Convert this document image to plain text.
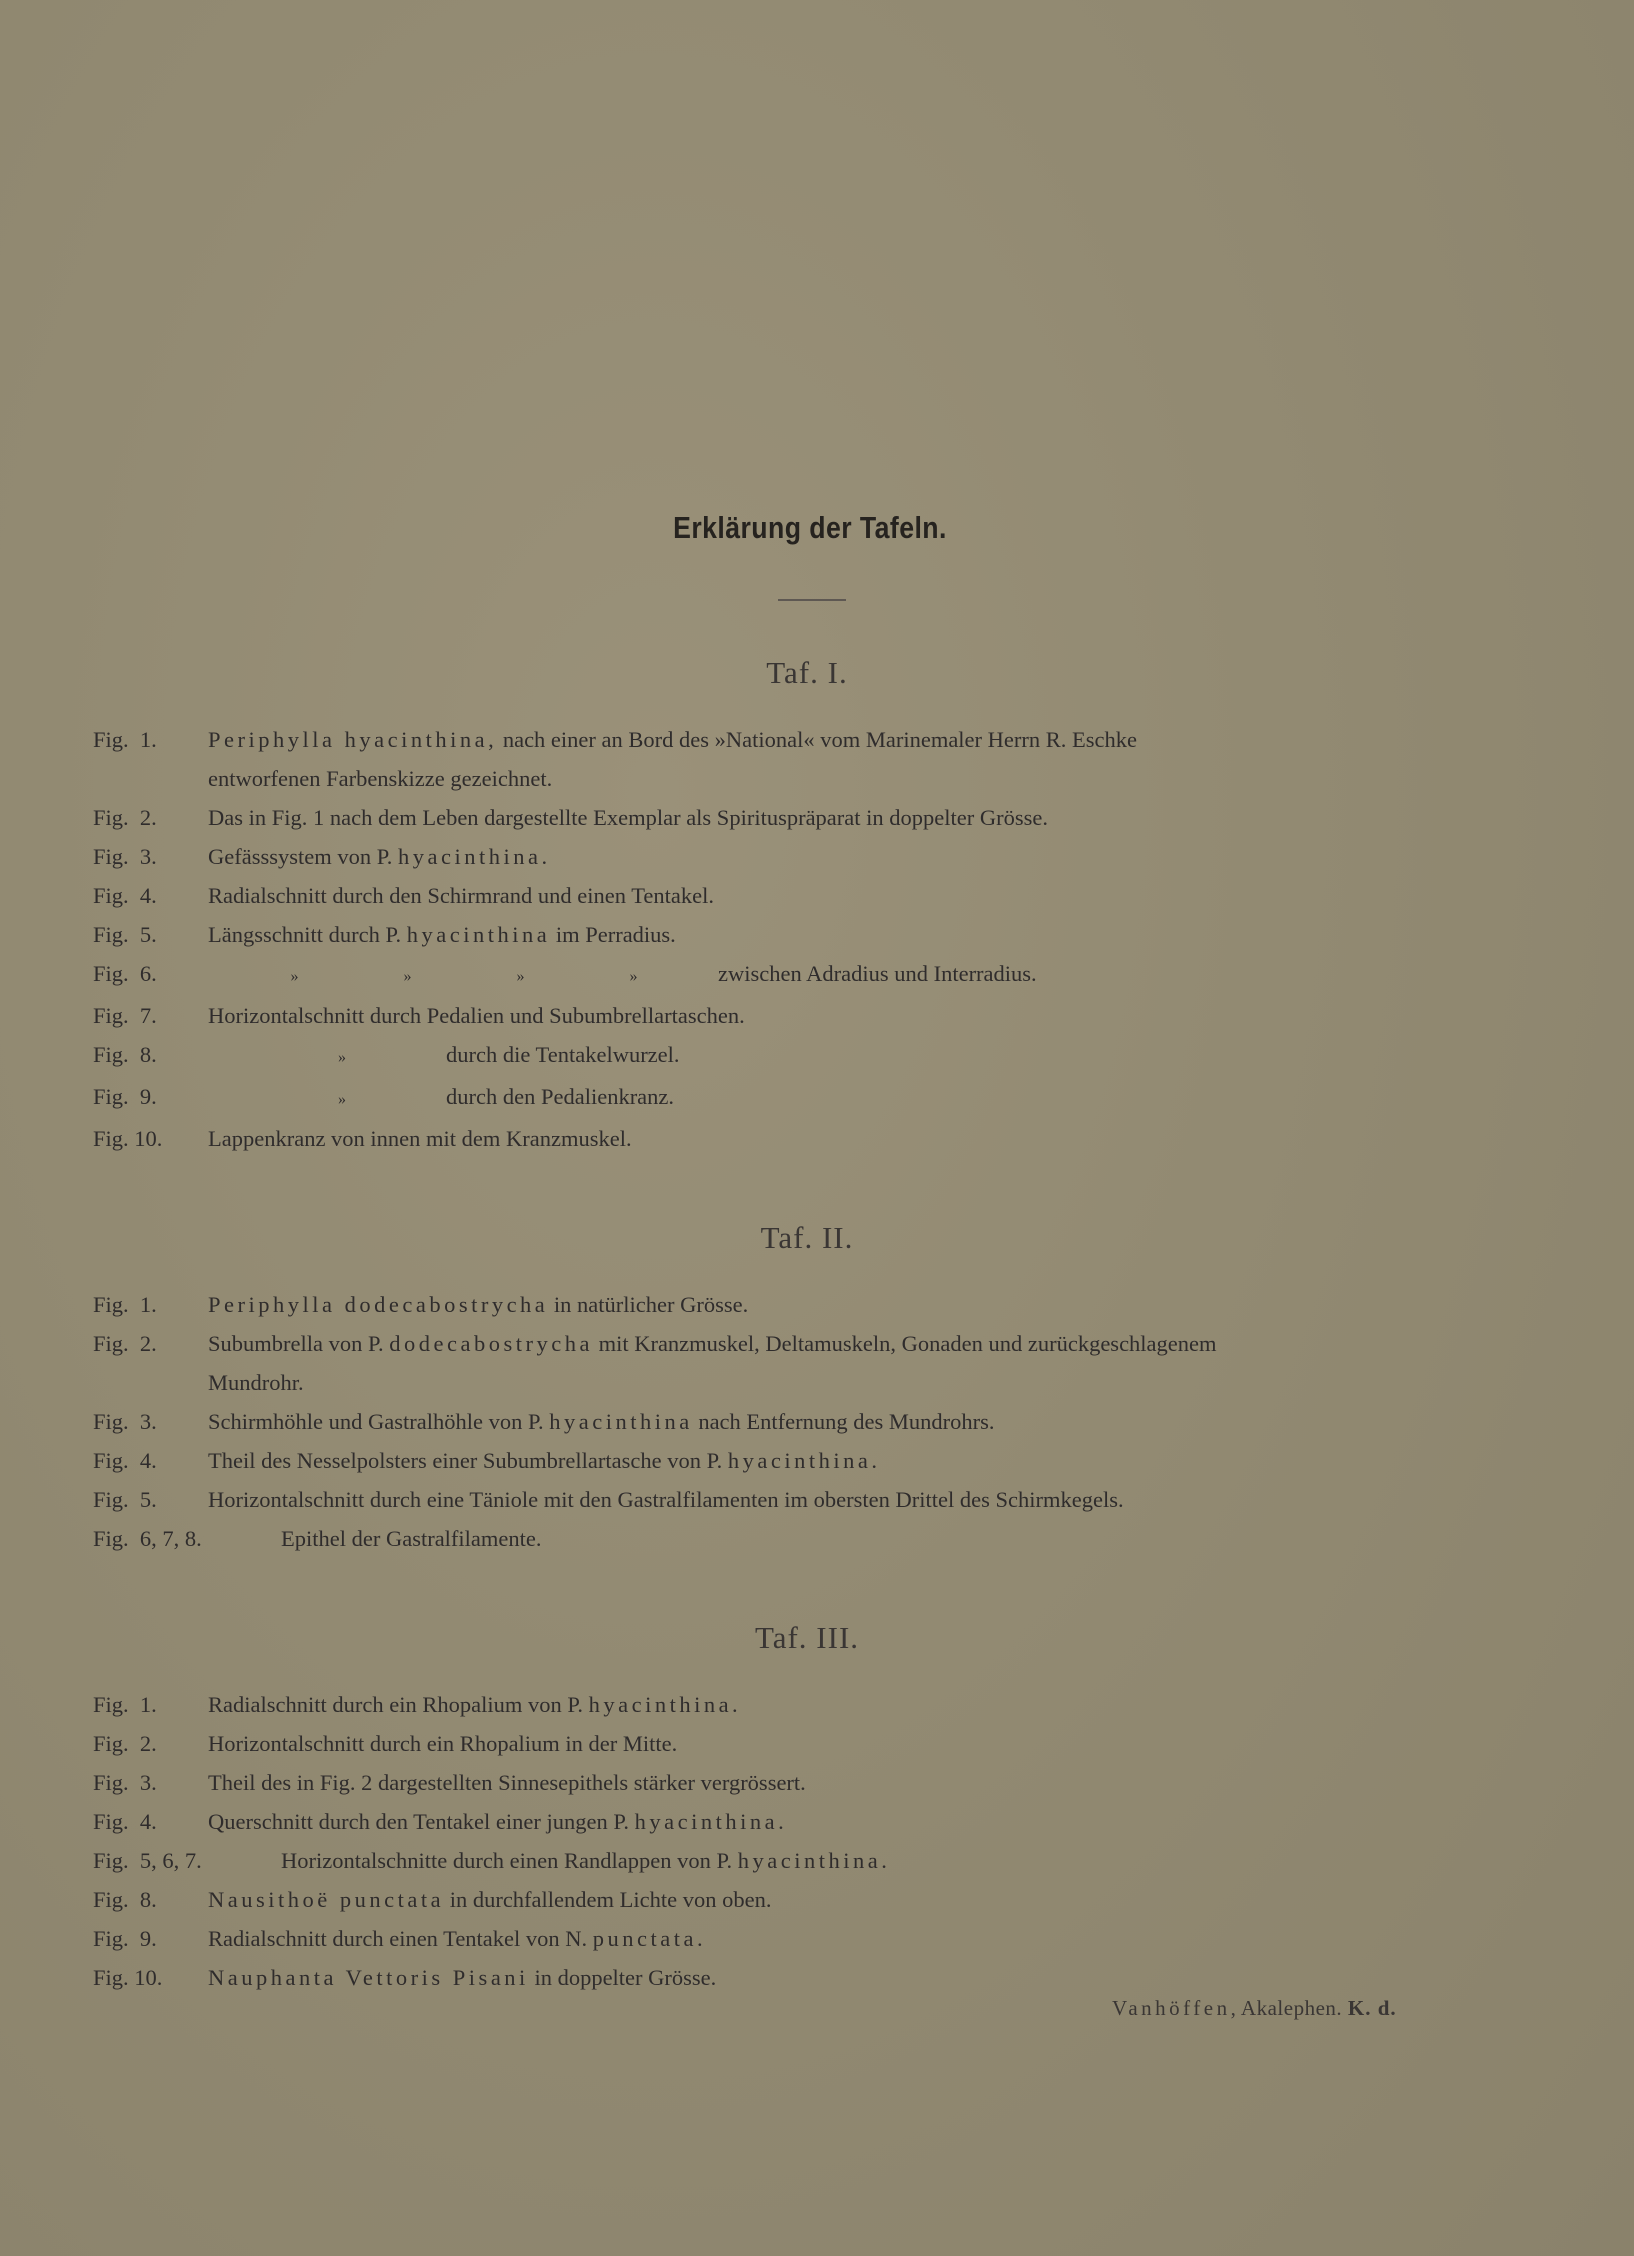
Erklärung der Tafeln.
Taf. I.
Fig.  1. Periphylla hyacinthina, nach einer an Bord des »National« vom Marinemaler Herrn R. Eschke
entworfenen Farbenskizze gezeichnet.
Fig.  2. Das in Fig. 1 nach dem Leben dargestellte Exemplar als Spirituspräparat in doppelter Grösse.
Fig.  3. Gefässsystem von P. hyacinthina.
Fig.  4. Radialschnitt durch den Schirmrand und einen Tentakel.
Fig.  5. Längsschnitt durch P. hyacinthina im Perradius.
Fig.  6.	»	»	»	»	zwischen Adradius und Interradius.
Fig.  7. Horizontalschnitt durch Pedalien und Subumbrellartaschen.
Fig.  8.	»	durch die Tentakelwurzel.
Fig.  9.	»	durch den Pedalienkranz.
Fig. 10. Lappenkranz von innen mit dem Kranzmuskel.
Taf. II.
Fig.  1. Periphylla dodecabostrycha in natürlicher Grösse.
Fig.  2. Subumbrella von P. dodecabostrycha mit Kranzmuskel, Deltamuskeln, Gonaden und zurückgeschlagenem
Mundrohr.
Fig.  3. Schirmhöhle und Gastralhöhle von P. hyacinthina nach Entfernung des Mundrohrs.
Fig.  4. Theil des Nesselpolsters einer Subumbrellartasche von P. hyacinthina.
Fig.  5. Horizontalschnitt durch eine Täniole mit den Gastralfilamenten im obersten Drittel des Schirmkegels.
Fig.  6, 7, 8.	Epithel der Gastralfilamente.
Taf. III.
Fig.  1. Radialschnitt durch ein Rhopalium von P. hyacinthina.
Fig.  2. Horizontalschnitt durch ein Rhopalium in der Mitte.
Fig.  3. Theil des in Fig. 2 dargestellten Sinnesepithels stärker vergrössert.
Fig.  4. Querschnitt durch den Tentakel einer jungen P. hyacinthina.
Fig.  5, 6, 7.	Horizontalschnitte durch einen Randlappen von P. hyacinthina.
Fig.  8. Nausithoë punctata in durchfallendem Lichte von oben.
Fig.  9. Radialschnitt durch einen Tentakel von N. punctata.
Fig. 10. Nauphanta Vettoris Pisani in doppelter Grösse.
Vanhöffen, Akalephen. K. d.
